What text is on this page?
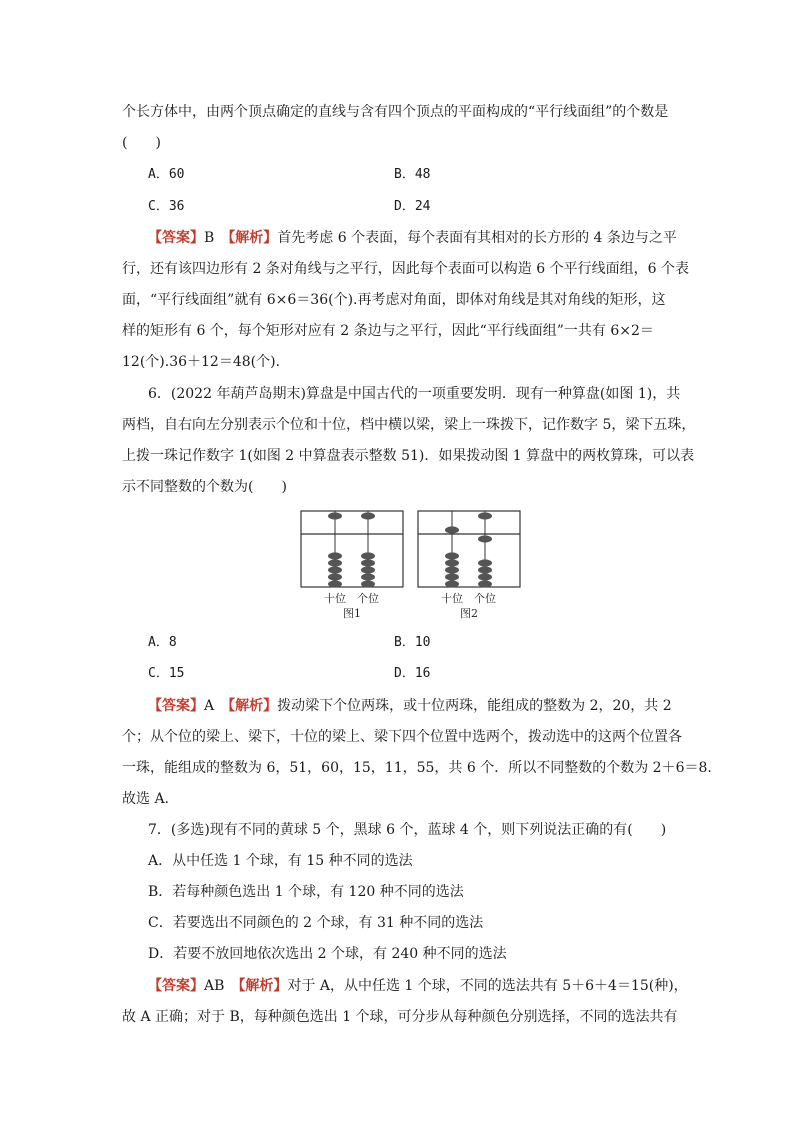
个长方体中，由两个顶点确定的直线与含有四个顶点的平面构成的“平行线面组”的个数是
(　　)
A．60	B．48
C．36	D．24
【答案】B　 【解析】首先考虑 6 个表面，每个表面有其相对的长方形的 4 条边与之平
行，还有该四边形有 2 条对角线与之平行，因此每个表面可以构造 6 个平行线面组，6 个表
面，“平行线面组”就有 6×6＝36(个).再考虑对角面，即体对角线是其对角线的矩形，这
样的矩形有 6 个，每个矩形对应有 2 条边与之平行，因此“平行线面组”一共有 6×2＝
12(个).36＋12＝48(个).
6．(2022 年葫芦岛期末)算盘是中国古代的一项重要发明．现有一种算盘(如图 1)，共
两档，自右向左分别表示个位和十位，档中横以梁，梁上一珠拨下，记作数字 5，梁下五珠，
上拨一珠记作数字 1(如图 2 中算盘表示整数 51)．如果拨动图 1 算盘中的两枚算珠，可以表
示不同整数的个数为(　　)
十位 个位
图1
十位 个位
图2
A．8	B．10
C．15	D．16
【答案】A　 【解析】拨动梁下个位两珠，或十位两珠，能组成的整数为 2，20，共 2
个；从个位的梁上、梁下，十位的梁上、梁下四个位置中选两个，拨动选中的这两个位置各
一珠，能组成的整数为 6，51，60，15，11，55，共 6 个．所以不同整数的个数为 2＋6＝8.
故选 A.
7．(多选)现有不同的黄球 5 个，黑球 6 个，蓝球 4 个，则下列说法正确的有(　　)
A．从中任选 1 个球，有 15 种不同的选法
B．若每种颜色选出 1 个球，有 120 种不同的选法
C．若要选出不同颜色的 2 个球，有 31 种不同的选法
D．若要不放回地依次选出 2 个球，有 240 种不同的选法
【答案】AB　 【解析】对于 A，从中任选 1 个球，不同的选法共有 5＋6＋4＝15(种)，
故 A 正确；对于 B，每种颜色选出 1 个球，可分步从每种颜色分别选择，不同的选法共有
